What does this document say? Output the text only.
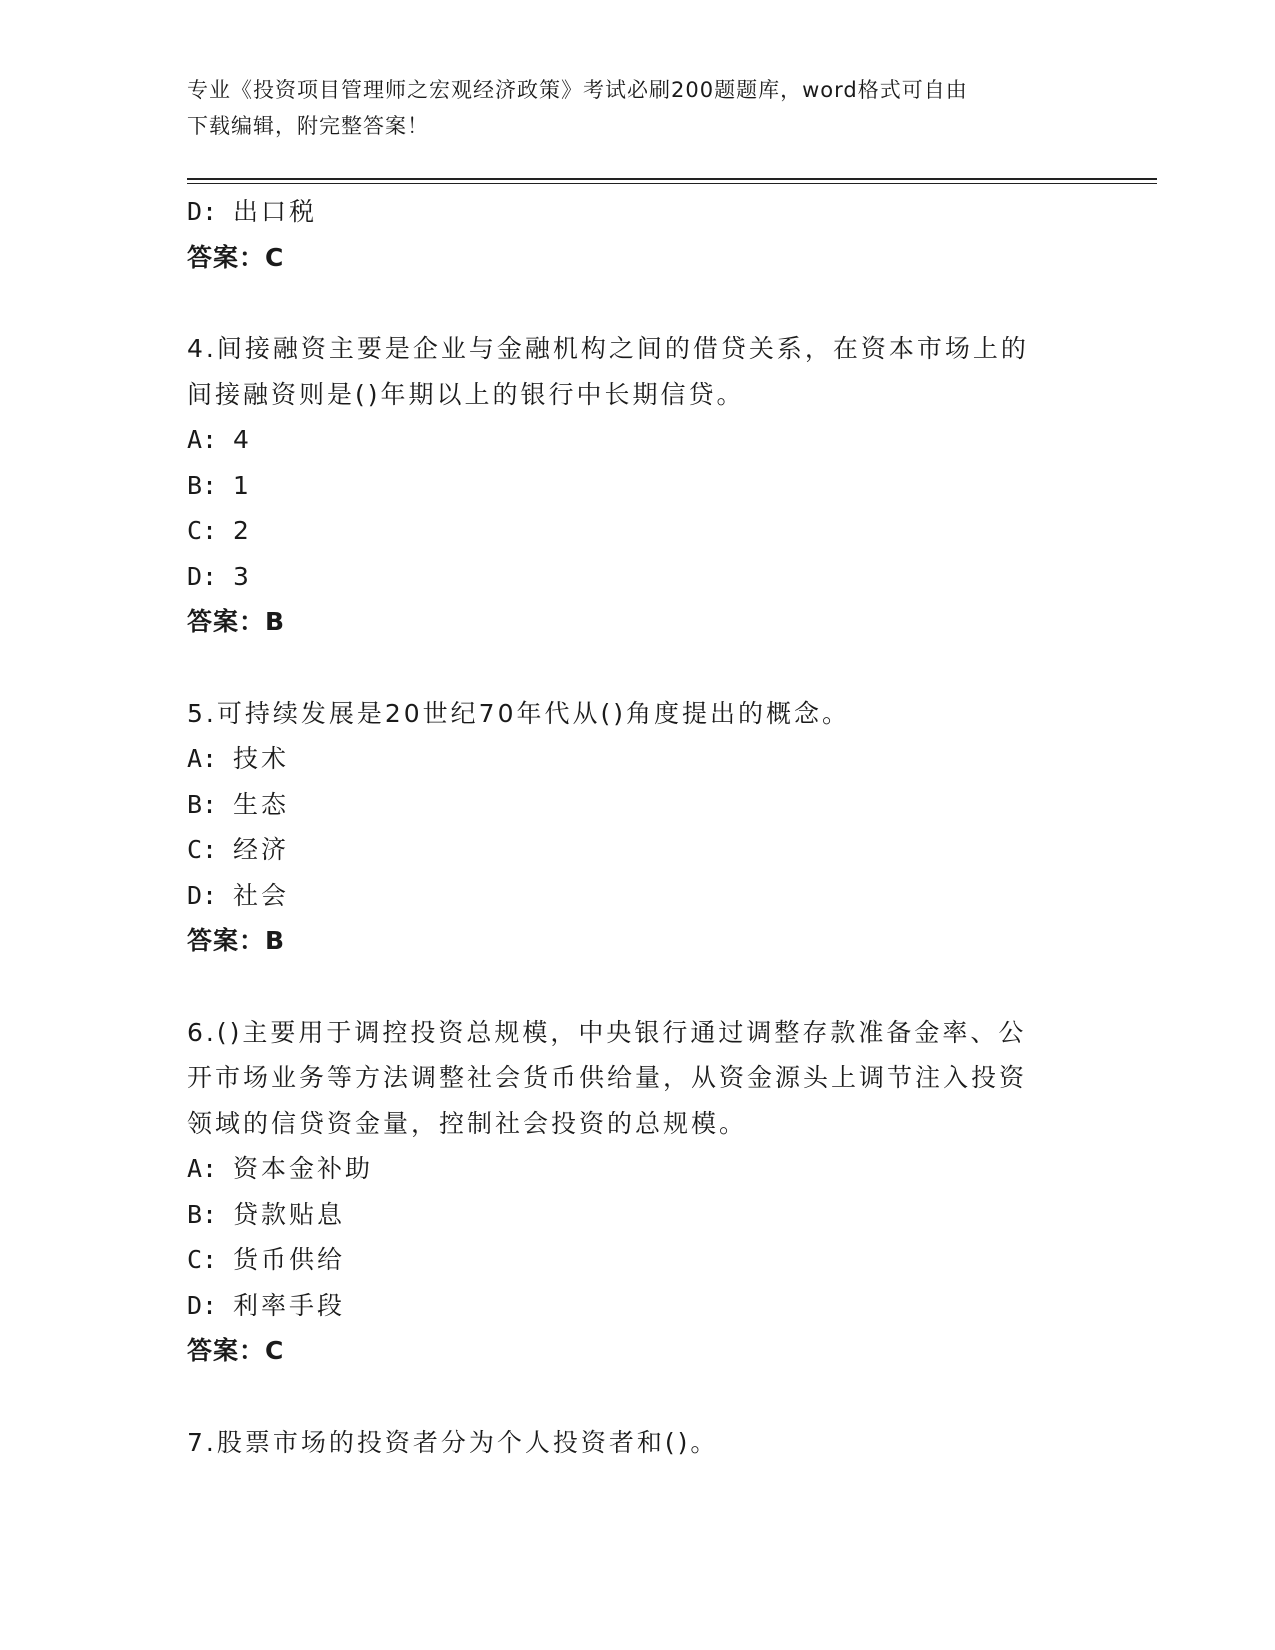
专业《投资项目管理师之宏观经济政策》考试必刷200题题库，word格式可自由
下载编辑，附完整答案！
D: 出口税
答案：C
4.间接融资主要是企业与金融机构之间的借贷关系，在资本市场上的
间接融资则是()年期以上的银行中长期信贷。
A: 4
B: 1
C: 2
D: 3
答案：B
5.可持续发展是20世纪70年代从()角度提出的概念。
A: 技术
B: 生态
C: 经济
D: 社会
答案：B
6.()主要用于调控投资总规模，中央银行通过调整存款准备金率、公
开市场业务等方法调整社会货币供给量，从资金源头上调节注入投资
领域的信贷资金量，控制社会投资的总规模。
A: 资本金补助
B: 贷款贴息
C: 货币供给
D: 利率手段
答案：C
7.股票市场的投资者分为个人投资者和()。
